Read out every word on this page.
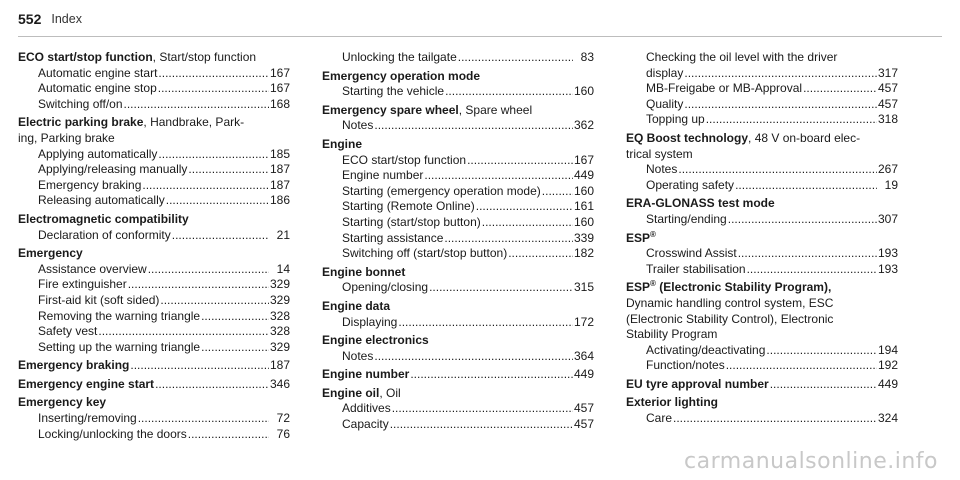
552 Index
ECO start/stop function, Start/stop function
Automatic engine start .....	167
Automatic engine stop .....	167
Switching off/on .....	168
Electric parking brake, Handbrake, Park-
ing, Parking brake
Applying automatically .....	185
Applying/releasing manually .....	187
Emergency braking .....	187
Releasing automatically .....	186
Electromagnetic compatibility
Declaration of conformity .....	21
Emergency
Assistance overview .....	14
Fire extinguisher .....	329
First-aid kit (soft sided) .....	329
Removing the warning triangle .....	328
Safety vest .....	328
Setting up the warning triangle .....	329
Emergency braking .....	187
Emergency engine start .....	346
Emergency key
Inserting/removing .....	72
Locking/unlocking the doors .....	76
Unlocking the tailgate .....	83
Emergency operation mode
Starting the vehicle .....	160
Emergency spare wheel, Spare wheel
Notes .....	362
Engine
ECO start/stop function .....	167
Engine number .....	449
Starting (emergency operation mode) .....	160
Starting (Remote Online) .....	161
Starting (start/stop button) .....	160
Starting assistance .....	339
Switching off (start/stop button) .....	182
Engine bonnet
Opening/closing .....	315
Engine data
Displaying .....	172
Engine electronics
Notes .....	364
Engine number .....	449
Engine oil, Oil
Additives .....	457
Capacity .....	457
Checking the oil level with the driver
display .....	317
MB-Freigabe or MB-Approval .....	457
Quality .....	457
Topping up .....	318
EQ Boost technology, 48 V on-board elec-
trical system
Notes .....	267
Operating safety .....	19
ERA-GLONASS test mode
Starting/ending .....	307
ESP®
Crosswind Assist .....	193
Trailer stabilisation .....	193
ESP® (Electronic Stability Program),
Dynamic handling control system, ESC
(Electronic Stability Control), Electronic
Stability Program
Activating/deactivating .....	194
Function/notes .....	192
EU tyre approval number .....	449
Exterior lighting
Care .....	324
carmanualsonline.info
